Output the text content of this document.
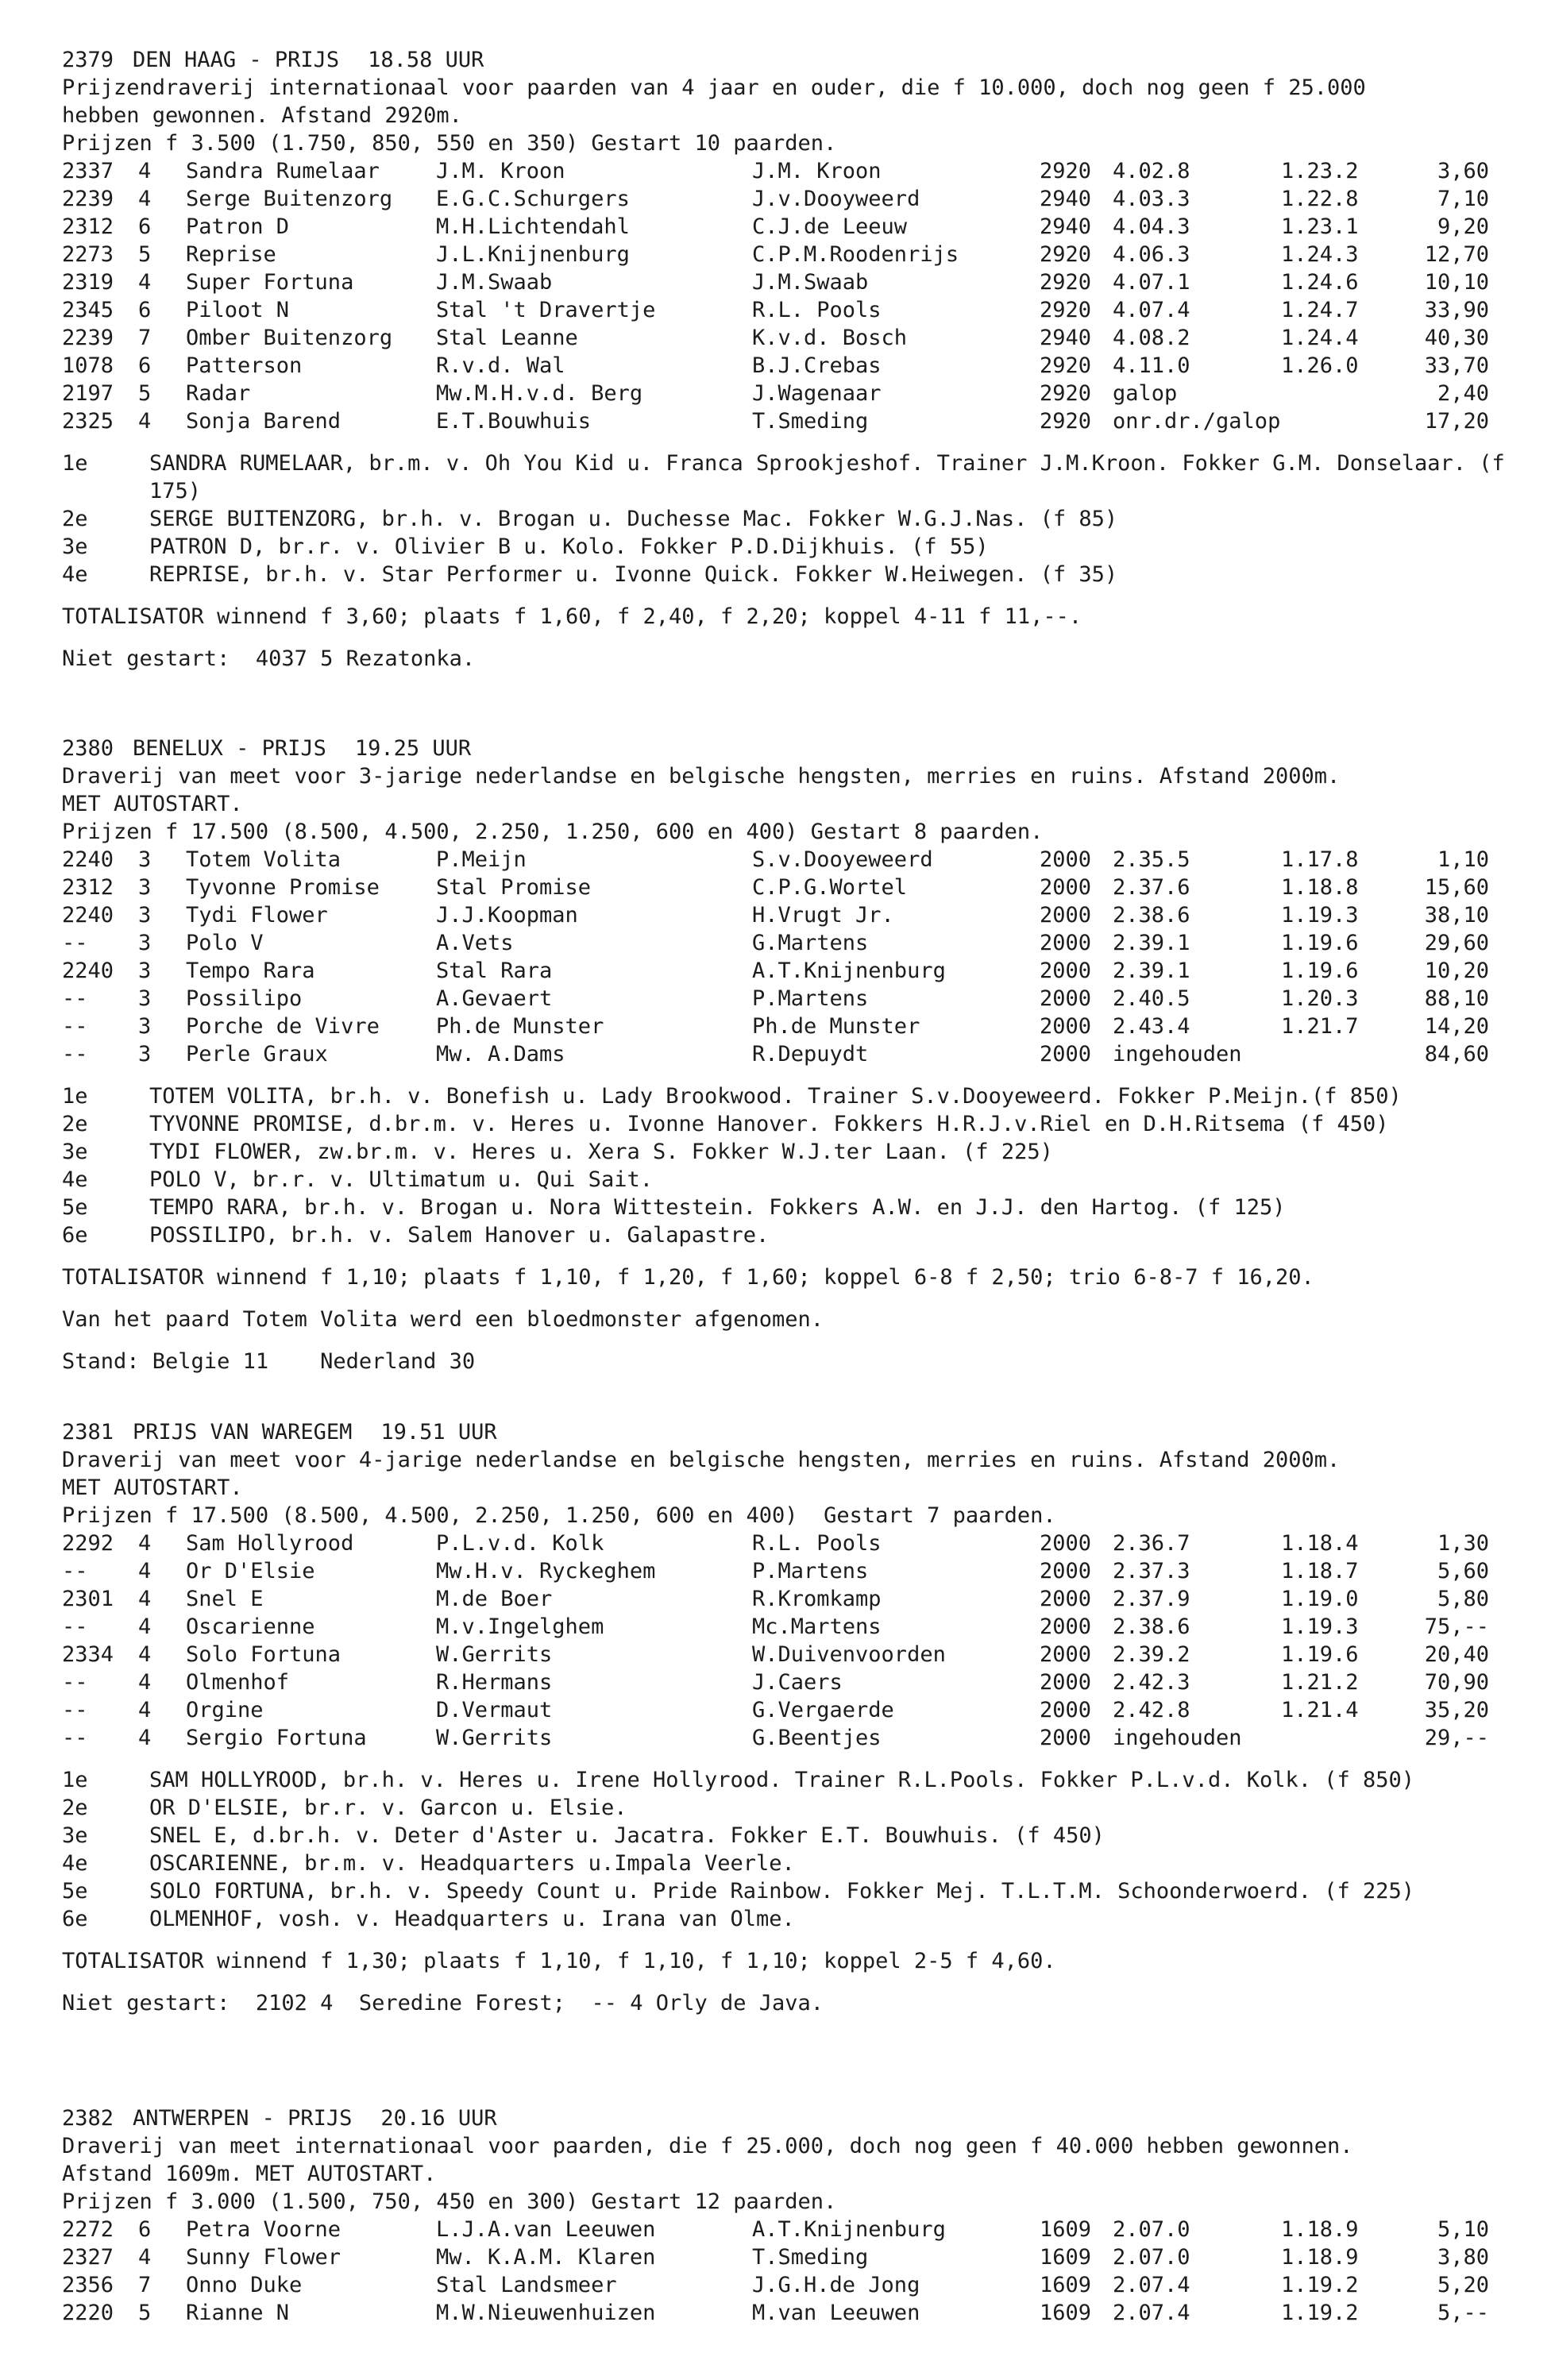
2379 DEN HAAG - PRIJS 18.58 UUR
Prijzendraverij internationaal voor paarden van 4 jaar en ouder, die f 10.000, doch nog geen f 25.000
hebben gewonnen. Afstand 2920m.
Prijzen f 3.500 (1.750, 850, 550 en 350) Gestart 10 paarden.
2337	4	Sandra Rumelaar	J.M. Kroon	J.M. Kroon	2920	4.02.8	1.23.2	3,60
2239	4	Serge Buitenzorg	E.G.C.Schurgers	J.v.Dooyweerd	2940	4.03.3	1.22.8	7,10
2312	6	Patron D	M.H.Lichtendahl	C.J.de Leeuw	2940	4.04.3	1.23.1	9,20
2273	5	Reprise	J.L.Knijnenburg	C.P.M.Roodenrijs	2920	4.06.3	1.24.3	12,70
2319	4	Super Fortuna	J.M.Swaab	J.M.Swaab	2920	4.07.1	1.24.6	10,10
2345	6	Piloot N	Stal 't Dravertje	R.L. Pools	2920	4.07.4	1.24.7	33,90
2239	7	Omber Buitenzorg	Stal Leanne	K.v.d. Bosch	2940	4.08.2	1.24.4	40,30
1078	6	Patterson	R.v.d. Wal	B.J.Crebas	2920	4.11.0	1.26.0	33,70
2197	5	Radar	Mw.M.H.v.d. Berg	J.Wagenaar	2920	galop		2,40
2325	4	Sonja Barend	E.T.Bouwhuis	T.Smeding	2920	onr.dr./galop		17,20
1e	SANDRA RUMELAAR, br.m. v. Oh You Kid u. Franca Sprookjeshof. Trainer J.M.Kroon. Fokker G.M. Donselaar. (f 175)
2e	SERGE BUITENZORG, br.h. v. Brogan u. Duchesse Mac. Fokker W.G.J.Nas. (f 85)
3e	PATRON D, br.r. v. Olivier B u. Kolo. Fokker P.D.Dijkhuis. (f 55)
4e	REPRISE, br.h. v. Star Performer u. Ivonne Quick. Fokker W.Heiwegen. (f 35)
TOTALISATOR winnend f 3,60; plaats f 1,60, f 2,40, f 2,20; koppel 4-11 f 11,--.
Niet gestart:  4037 5 Rezatonka.
2380 BENELUX - PRIJS 19.25 UUR
Draverij van meet voor 3-jarige nederlandse en belgische hengsten, merries en ruins. Afstand 2000m.
MET AUTOSTART.
Prijzen f 17.500 (8.500, 4.500, 2.250, 1.250, 600 en 400) Gestart 8 paarden.
2240	3	Totem Volita	P.Meijn	S.v.Dooyeweerd	2000	2.35.5	1.17.8	1,10
2312	3	Tyvonne Promise	Stal Promise	C.P.G.Wortel	2000	2.37.6	1.18.8	15,60
2240	3	Tydi Flower	J.J.Koopman	H.Vrugt Jr.	2000	2.38.6	1.19.3	38,10
--	3	Polo V	A.Vets	G.Martens	2000	2.39.1	1.19.6	29,60
2240	3	Tempo Rara	Stal Rara	A.T.Knijnenburg	2000	2.39.1	1.19.6	10,20
--	3	Possilipo	A.Gevaert	P.Martens	2000	2.40.5	1.20.3	88,10
--	3	Porche de Vivre	Ph.de Munster	Ph.de Munster	2000	2.43.4	1.21.7	14,20
--	3	Perle Graux	Mw. A.Dams	R.Depuydt	2000	ingehouden		84,60
1e	TOTEM VOLITA, br.h. v. Bonefish u. Lady Brookwood. Trainer S.v.Dooyeweerd. Fokker P.Meijn.(f 850)
2e	TYVONNE PROMISE, d.br.m. v. Heres u. Ivonne Hanover. Fokkers H.R.J.v.Riel en D.H.Ritsema (f 450)
3e	TYDI FLOWER, zw.br.m. v. Heres u. Xera S. Fokker W.J.ter Laan. (f 225)
4e	POLO V, br.r. v. Ultimatum u. Qui Sait.
5e	TEMPO RARA, br.h. v. Brogan u. Nora Wittestein. Fokkers A.W. en J.J. den Hartog. (f 125)
6e	POSSILIPO, br.h. v. Salem Hanover u. Galapastre.
TOTALISATOR winnend f 1,10; plaats f 1,10, f 1,20, f 1,60; koppel 6-8 f 2,50; trio 6-8-7 f 16,20.
Van het paard Totem Volita werd een bloedmonster afgenomen.
Stand: Belgie 11    Nederland 30
2381 PRIJS VAN WAREGEM 19.51 UUR
Draverij van meet voor 4-jarige nederlandse en belgische hengsten, merries en ruins. Afstand 2000m.
MET AUTOSTART.
Prijzen f 17.500 (8.500, 4.500, 2.250, 1.250, 600 en 400)  Gestart 7 paarden.
2292	4	Sam Hollyrood	P.L.v.d. Kolk	R.L. Pools	2000	2.36.7	1.18.4	1,30
--	4	Or D'Elsie	Mw.H.v. Ryckeghem	P.Martens	2000	2.37.3	1.18.7	5,60
2301	4	Snel E	M.de Boer	R.Kromkamp	2000	2.37.9	1.19.0	5,80
--	4	Oscarienne	M.v.Ingelghem	Mc.Martens	2000	2.38.6	1.19.3	75,--
2334	4	Solo Fortuna	W.Gerrits	W.Duivenvoorden	2000	2.39.2	1.19.6	20,40
--	4	Olmenhof	R.Hermans	J.Caers	2000	2.42.3	1.21.2	70,90
--	4	Orgine	D.Vermaut	G.Vergaerde	2000	2.42.8	1.21.4	35,20
--	4	Sergio Fortuna	W.Gerrits	G.Beentjes	2000	ingehouden		29,--
1e	SAM HOLLYROOD, br.h. v. Heres u. Irene Hollyrood. Trainer R.L.Pools. Fokker P.L.v.d. Kolk. (f 850)
2e	OR D'ELSIE, br.r. v. Garcon u. Elsie.
3e	SNEL E, d.br.h. v. Deter d'Aster u. Jacatra. Fokker E.T. Bouwhuis. (f 450)
4e	OSCARIENNE, br.m. v. Headquarters u.Impala Veerle.
5e	SOLO FORTUNA, br.h. v. Speedy Count u. Pride Rainbow. Fokker Mej. T.L.T.M. Schoonderwoerd. (f 225)
6e	OLMENHOF, vosh. v. Headquarters u. Irana van Olme.
TOTALISATOR winnend f 1,30; plaats f 1,10, f 1,10, f 1,10; koppel 2-5 f 4,60.
Niet gestart:  2102 4  Seredine Forest;  -- 4 Orly de Java.
2382 ANTWERPEN - PRIJS 20.16 UUR
Draverij van meet internationaal voor paarden, die f 25.000, doch nog geen f 40.000 hebben gewonnen.
Afstand 1609m. MET AUTOSTART.
Prijzen f 3.000 (1.500, 750, 450 en 300) Gestart 12 paarden.
2272	6	Petra Voorne	L.J.A.van Leeuwen	A.T.Knijnenburg	1609	2.07.0	1.18.9	5,10
2327	4	Sunny Flower	Mw. K.A.M. Klaren	T.Smeding	1609	2.07.0	1.18.9	3,80
2356	7	Onno Duke	Stal Landsmeer	J.G.H.de Jong	1609	2.07.4	1.19.2	5,20
2220	5	Rianne N	M.W.Nieuwenhuizen	M.van Leeuwen	1609	2.07.4	1.19.2	5,--
